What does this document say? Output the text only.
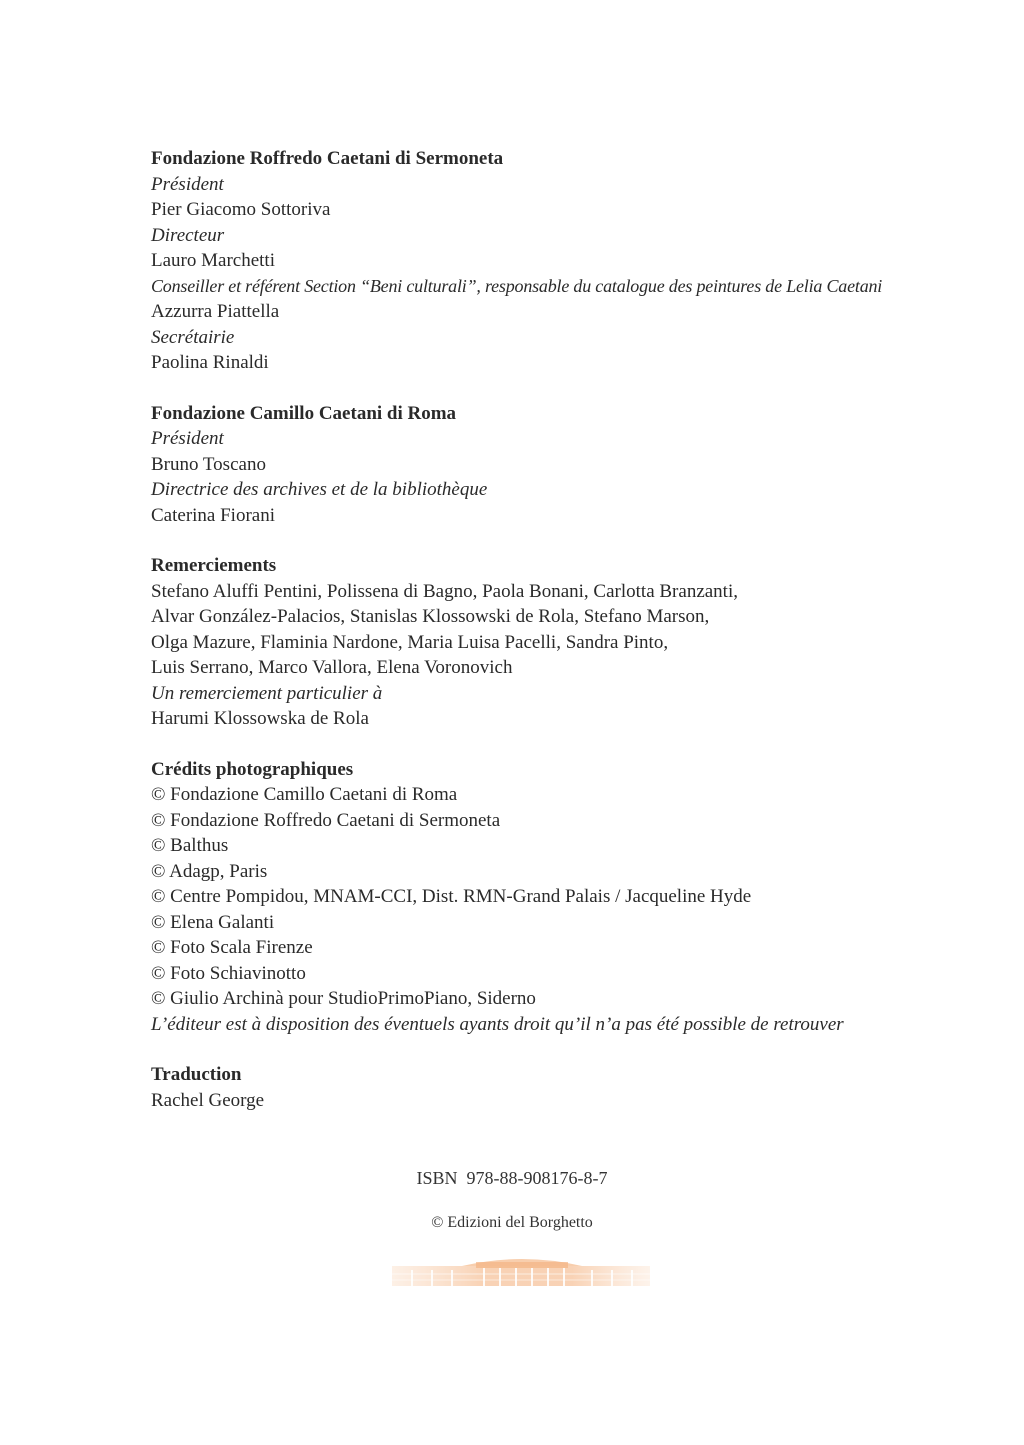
Fondazione Roffredo Caetani di Sermoneta
Président
Pier Giacomo Sottoriva
Directeur
Lauro Marchetti
Conseiller et référent Section “Beni culturali”, responsable du catalogue des peintures de Lelia Caetani
Azzurra Piattella
Secrétairie
Paolina Rinaldi
Fondazione Camillo Caetani di Roma
Président
Bruno Toscano
Directrice des archives et de la bibliothèque
Caterina Fiorani
Remerciements
Stefano Aluffi Pentini, Polissena di Bagno, Paola Bonani, Carlotta Branzanti,
Alvar González-Palacios, Stanislas Klossowski de Rola, Stefano Marson,
Olga Mazure, Flaminia Nardone, Maria Luisa Pacelli, Sandra Pinto,
Luis Serrano, Marco Vallora, Elena Voronovich
Un remerciement particulier à
Harumi Klossowska de Rola
Crédits photographiques
© Fondazione Camillo Caetani di Roma
© Fondazione Roffredo Caetani di Sermoneta
© Balthus
© Adagp, Paris
© Centre Pompidou, MNAM-CCI, Dist. RMN-Grand Palais / Jacqueline Hyde
© Elena Galanti
© Foto Scala Firenze
© Foto Schiavinotto
© Giulio Archinà pour StudioPrimoPiano, Siderno
L’éditeur est à disposition des éventuels ayants droit qu’il n’a pas été possible de retrouver
Traduction
Rachel George
ISBN  978-88-908176-8-7
© Edizioni del Borghetto
